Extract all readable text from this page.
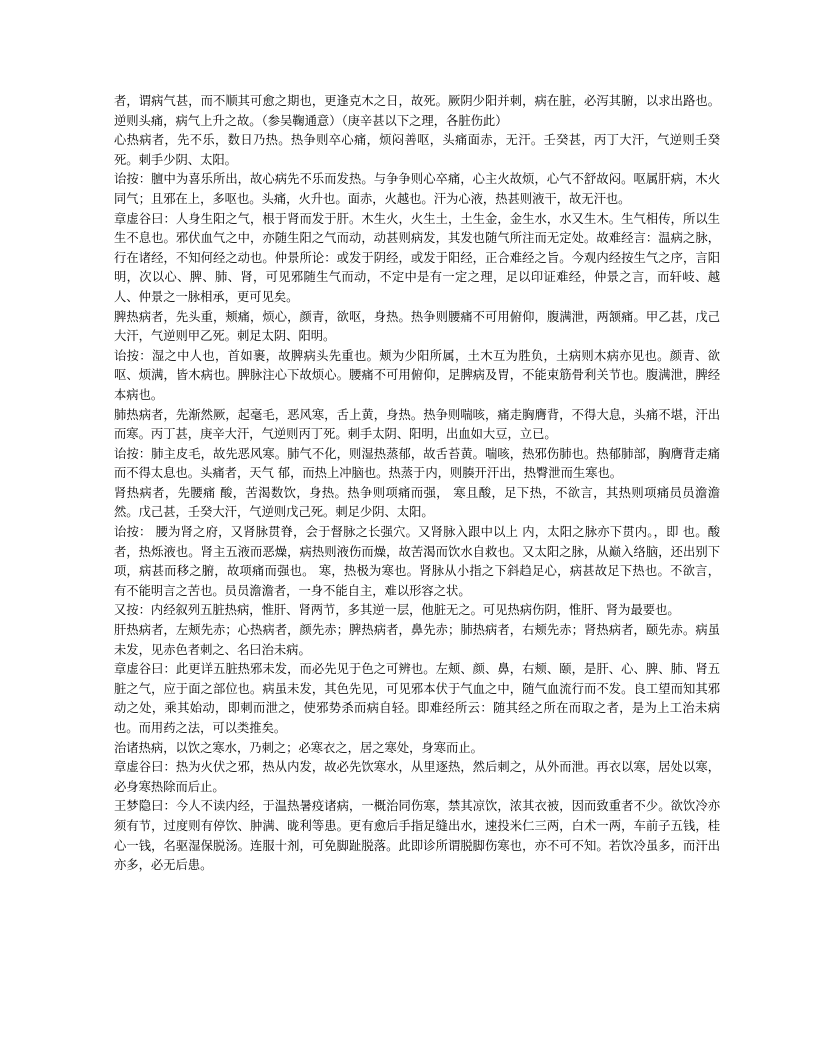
者，谓病气甚，而不顺其可愈之期也，更逢克木之日，故死。厥阴少阳并刺，病在脏，必泻其腑，以求出路也。逆则头痛，病气上升之故。（参吴鞠通意）（庚辛甚以下之理，各脏伤此）

心热病者，先不乐，数日乃热。热争则卒心痛，烦闷善呕，头痛面赤，无汗。壬癸甚，丙丁大汗，气逆则壬癸死。刺手少阴、太阳。

诒按：膻中为喜乐所出，故心病先不乐而发热。与争争则心卒痛，心主火故烦，心气不舒故闷。呕属肝病，木火同气；且邪在上，多呕也。头痛，火升也。面赤，火越也。汗为心液，热甚则液干，故无汗也。

章虚谷曰：人身生阳之气，根于肾而发于肝。木生火，火生土，土生金，金生水，水又生木。生气相传，所以生生不息也。邪伏血气之中，亦随生阳之气而动，动甚则病发，其发也随气所注而无定处。故难经言：温病之脉，行在诸经，不知何经之动也。仲景所论：或发于阴经，或发于阳经，正合难经之旨。今观内经按生气之序，言阳明，次以心、脾、肺、肾，可见邪随生气而动，不定中是有一定之理，足以印证难经，仲景之言，而轩岐、越人、仲景之一脉相承，更可见矣。

脾热病者，先头重，颊痛，烦心，颜青，欲呕，身热。热争则腰痛不可用俯仰，腹满泄，两颔痛。甲乙甚，戊己大汗，气逆则甲乙死。刺足太阴、阳明。

诒按：湿之中人也，首如裹，故脾病头先重也。颊为少阳所属，土木互为胜负，土病则木病亦见也。颜青、欲呕、烦满，皆木病也。脾脉注心下故烦心。腰痛不可用俯仰，足脾病及胃，不能束筋骨利关节也。腹满泄，脾经本病也。

肺热病者，先渐然厥，起毫毛，恶风寒，舌上黄，身热。热争则喘咳，痛走胸膺背，不得大息，头痛不堪，汗出而寒。丙丁甚，庚辛大汗，气逆则丙丁死。刺手太阴、阳明，出血如大豆，立已。

诒按：肺主皮毛，故先恶风寒。肺气不化，则湿热蒸郁，故舌苔黄。喘咳，热邪伤肺也。热郁肺部，胸膺背走痛而不得太息也。头痛者，天气 郁，而热上冲脑也。热蒸于内，则腠开汗出，热臀泄而生寒也。

肾热病者，先腰痛 酸，苦渴数饮，身热。热争则项痛而强， 寒且酸，足下热，不欲言，其热则项痛员员澹澹然。戊己甚，壬癸大汗，气逆则戊己死。刺足少阴、太阳。

诒按： 腰为肾之府，又肾脉贯脊，会于督脉之长强穴。又肾脉入跟中以上 内，太阳之脉亦下贯内。，即 也。酸者，热烁液也。肾主五液而恶燥，病热则液伤而燥，故苦渴而饮水自救也。又太阳之脉，从巅入络脑，还出别下项，病甚而移之腑，故项痛而强也。 寒，热极为寒也。肾脉从小指之下斜趋足心，病甚故足下热也。不欲言，有不能明言之苦也。员员澹澹者，一身不能自主，难以形容之状。

又按：内经叙列五脏热病，惟肝、肾两节，多其逆一层，他脏无之。可见热病伤阴，惟肝、肾为最要也。

肝热病者，左颊先赤；心热病者，颜先赤；脾热病者，鼻先赤；肺热病者，右颊先赤；肾热病者，颐先赤。病虽未发，见赤色者刺之、名曰治未病。

章虚谷曰：此更详五脏热邪未发，而必先见于色之可辨也。左颊、颜、鼻，右颊、颐，是肝、心、脾、肺、肾五脏之气，应于面之部位也。病虽未发，其色先见，可见邪本伏于气血之中，随气血流行而不发。良工望而知其邪动之处，乘其始动，即刺而泄之，使邪势杀而病自轻。即难经所云：随其经之所在而取之者，是为上工治未病也。而用药之法，可以类推矣。

治诸热病，以饮之寒水，乃刺之；必寒衣之，居之寒处，身寒而止。

章虚谷曰：热为火伏之邪，热从内发，故必先饮寒水，从里逐热，然后刺之，从外而泄。再衣以寒，居处以寒，必身寒热除而后止。

王梦隐曰：今人不读内经，于温热暑疫诸病，一概治同伤寒，禁其凉饮，浓其衣被，因而致重者不少。欲饮冷亦须有节，过度则有停饮、肿满、昽利等患。更有愈后手指足缝出水，速投米仁三两，白术一两，车前子五钱，桂心一钱，名驱湿保脱汤。连服十剂，可免脚趾脱落。此即诊所谓脱脚伤寒也，亦不可不知。若饮冷虽多，而汗出亦多，必无后患。
